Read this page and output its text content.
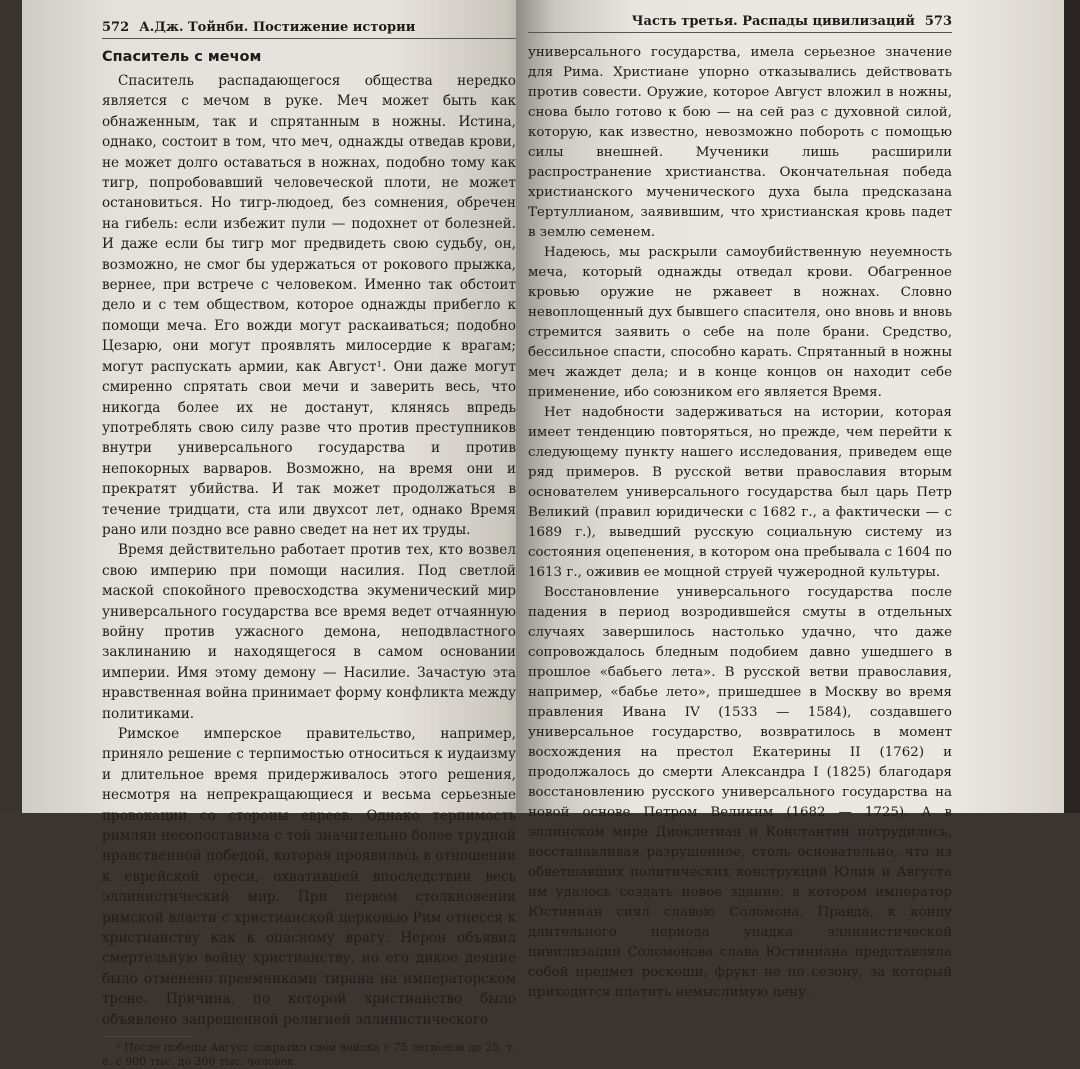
572 А.Дж. Тойнби. Постижение истории
Спаситель с мечом

Спаситель распадающегося общества нередко является с мечом в руке. Меч может быть как обнаженным, так и спрятанным в ножны. Истина, однако, состоит в том, что меч, однажды отведав крови, не может долго оставаться в ножнах, подобно тому как тигр, попробовавший человеческой плоти, не может остановиться. Но тигр-людоед, без сомнения, обречен на гибель: если избежит пули — подохнет от болезней. И даже если бы тигр мог предвидеть свою судьбу, он, возможно, не смог бы удержаться от рокового прыжка, вернее, при встрече с человеком. Именно так обстоит дело и с тем обществом, которое однажды прибегло к помощи меча. Его вожди могут раскаиваться; подобно Цезарю, они могут проявлять милосердие к врагам; могут распускать армии, как Август¹. Они даже могут смиренно спрятать свои мечи и заверить весь, что никогда более их не достанут, клянясь впредь употреблять свою силу разве что против преступников внутри универсального государства и против непокорных варваров. Возможно, на время они и прекратят убийства. И так может продолжаться в течение тридцати, ста или двухсот лет, однако Время рано или поздно все равно сведет на нет их труды.

Время действительно работает против тех, кто возвел свою империю при помощи насилия. Под светлой маской спокойного превосходства экуменический мир универсального государства все время ведет отчаянную войну против ужасного демона, неподвластного заклинанию и находящегося в самом основании империи. Имя этому демону — Насилие. Зачастую эта нравственная война принимает форму конфликта между политиками.

Римское имперское правительство, например, приняло решение с терпимостью относиться к иудаизму и длительное время придерживалось этого решения, несмотря на непрекращающиеся и весьма серьезные провокации со стороны евреев. Однако терпимость римлян несопоставима с той значительно более трудной нравственной победой, которая проявилась в отношении к еврейской ереси, охватившей впоследствии весь эллинистический мир. При первом столкновении римской власти с христианской церковью Рим отнесся к христианству как к опасному врагу. Нерон объявил смертельную войну христианству, но его дикое деяние было отменено преемниками тирана на императорском троне. Причина, по которой христианство было объявлено запрещенной религией эллинистического

¹ После победы Август сократил свои войска с 75 легионов до 25, т. е. с 900 тыс. до 300 тыс. человек.
Часть третья. Распады цивилизаций 573

универсального государства, имела серьезное значение для Рима. Христиане упорно отказывались действовать против совести. Оружие, которое Август вложил в ножны, снова было готово к бою — на сей раз с духовной силой, которую, как известно, невозможно побороть с помощью силы внешней. Мученики лишь расширили распространение христианства. Окончательная победа христианского мученического духа была предсказана Тертуллианом, заявившим, что христианская кровь падет в землю семенем.

Надеюсь, мы раскрыли самоубийственную неуемность меча, который однажды отведал крови. Обагренное кровью оружие не ржавеет в ножнах. Словно невоплощенный дух бывшего спасителя, оно вновь и вновь стремится заявить о себе на поле брани. Средство, бессильное спасти, способно карать. Спрятанный в ножны меч жаждет дела; и в конце концов он находит себе применение, ибо союзником его является Время.

Нет надобности задерживаться на истории, которая имеет тенденцию повторяться, но прежде, чем перейти к следующему пункту нашего исследования, приведем еще ряд примеров. В русской ветви православия вторым основателем универсального государства был царь Петр Великий (правил юридически с 1682 г., а фактически — с 1689 г.), выведший русскую социальную систему из состояния оцепенения, в котором она пребывала с 1604 по 1613 г., оживив ее мощной струей чужеродной культуры.

Восстановление универсального государства после падения в период возродившейся смуты в отдельных случаях завершилось настолько удачно, что даже сопровождалось бледным подобием давно ушедшего в прошлое «бабьего лета». В русской ветви православия, например, «бабье лето», пришедшее в Москву во время правления Ивана IV (1533 — 1584), создавшего универсальное государство, возвратилось в момент восхождения на престол Екатерины II (1762) и продолжалось до смерти Александра I (1825) благодаря восстановлению русского универсального государства на новой основе Петром Великим (1682 — 1725). А в эллинском мире Диоклетиан и Константин потрудились, восстанавливая разрушенное, столь основательно, что из обветшавших политических конструкций Юлия и Августа им удалось создать новое здание, в котором император Юстиниан сиял славою Соломона. Правда, к концу длительного периода упадка эллинистической цивилизации Соломонова слава Юстиниана представляла собой предмет роскоши, фрукт не по сезону, за который приходится платить немыслимую цену.
